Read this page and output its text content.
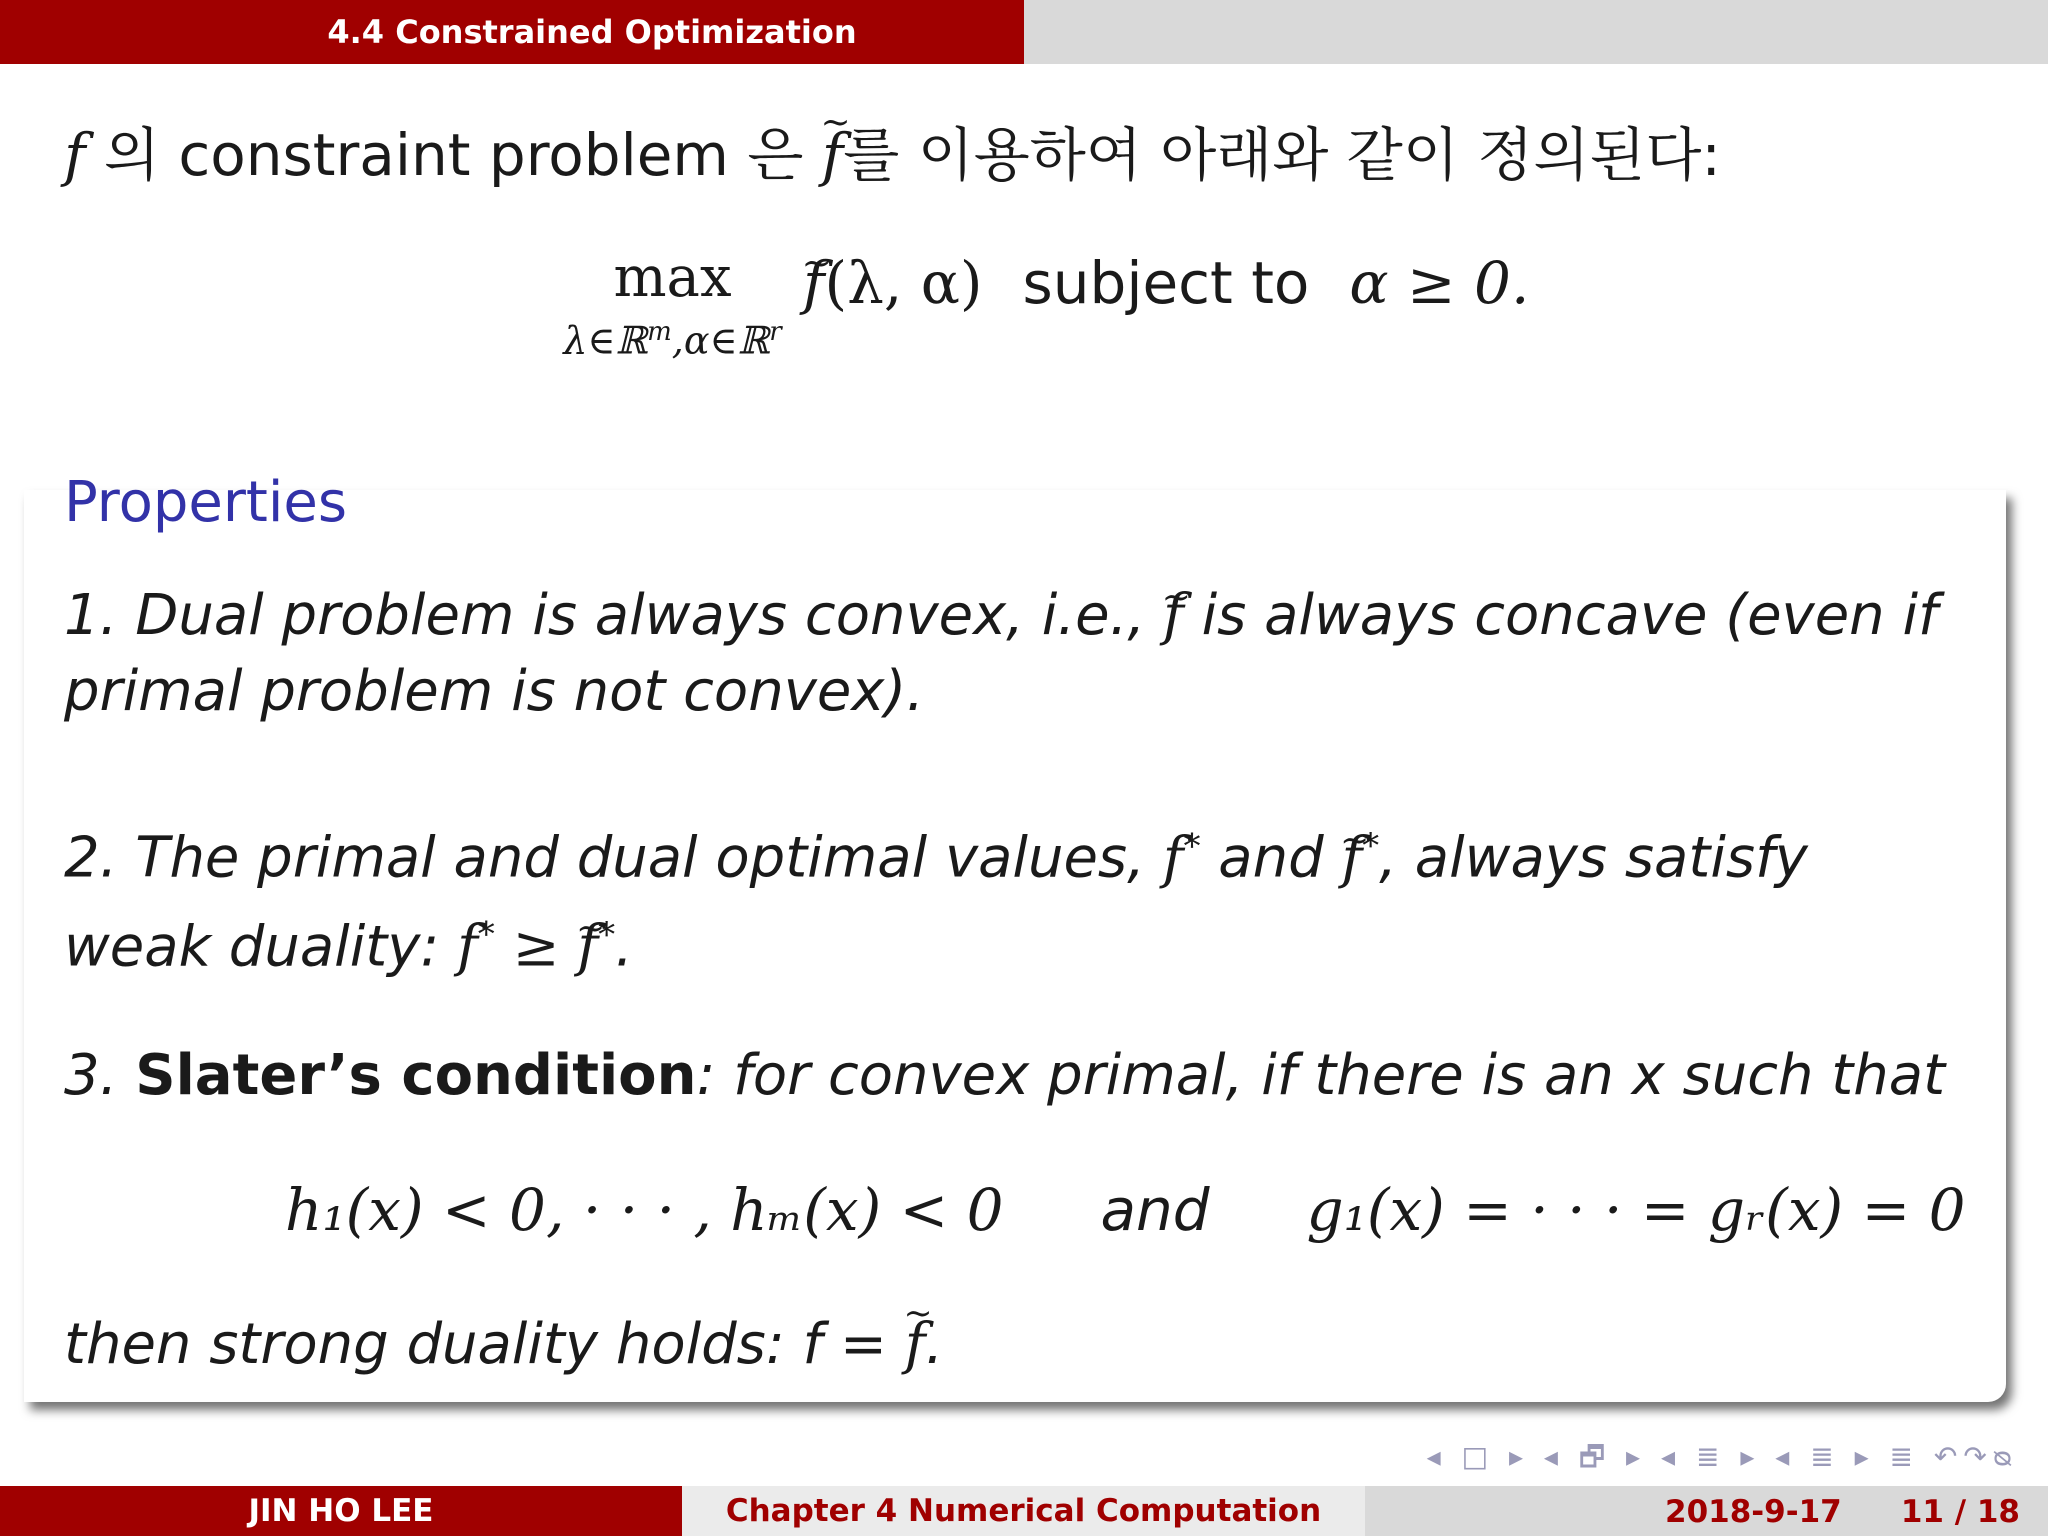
4.4 Constrained Optimization
f 의 constraint problem 은 ~ f를 이용하여 아래와 같이 정의된다:
max
λ∈ℝ$^m$,α∈ℝ$^r$
~ f(λ, α) subject to α ≥ 0.
Properties
1. Dual problem is always convex, i.e., ~ f is always concave (even if primal problem is not convex).
2. The primal and dual optimal values, f* and ~ f*, always satisfy weak duality: f* ≥ ~ f*.
3. Slater’s condition: for convex primal, if there is an x such that
h₁(x) < 0, · · · , hₘ(x) < 0 and g₁(x) = · · · = gᵣ(x) = 0
then strong duality holds: f = ~ f.
◂ □ ▸ ◂ 🗗 ▸ ◂ ≣ ▸ ◂ ≣ ▸ ≣ ↶↷ᴓ
JIN HO LEE	Chapter 4 Numerical Computation	2018-9-17 11 / 18
